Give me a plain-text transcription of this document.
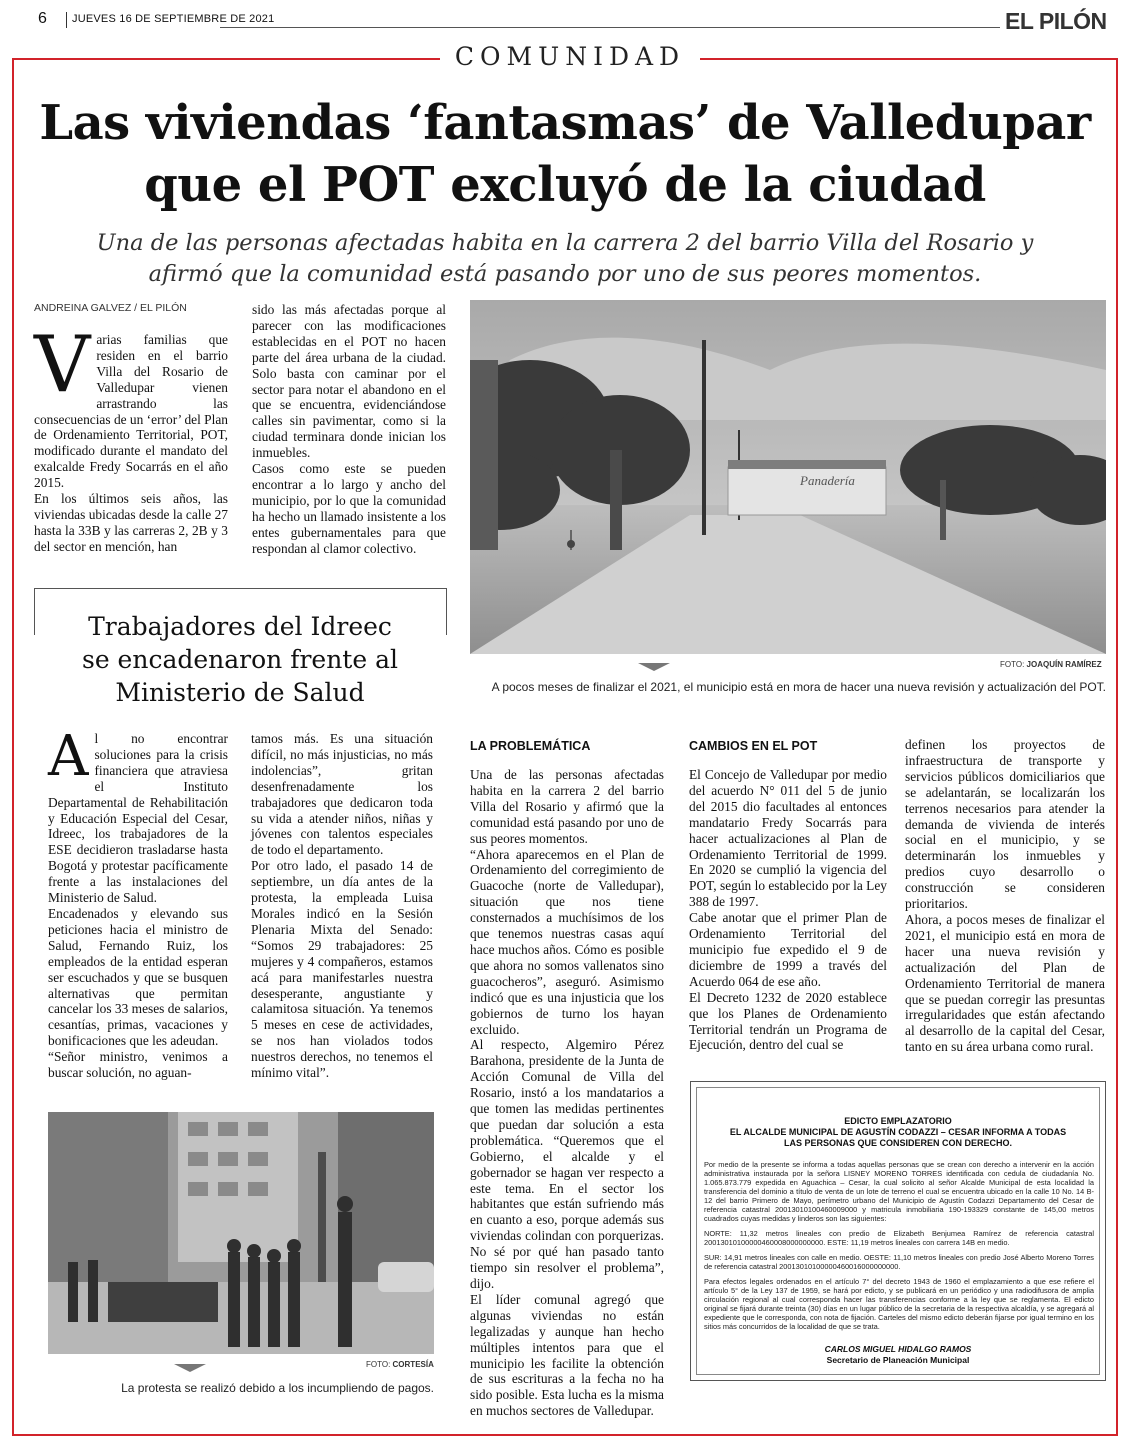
6 JUEVES 16 DE SEPTIEMBRE DE 2021	EL PILÓN
COMUNIDAD
Las viviendas ‘fantasmas’ de Valledupar
que el POT excluyó de la ciudad
Una de las personas afectadas habita en la carrera 2 del barrio Villa del Rosario y
afirmó que la comunidad está pasando por uno de sus peores momentos.
ANDREINA GALVEZ / EL PILÓN
V arias familias que residen en el barrio Villa del Rosario de Valledupar vienen arrastrando las consecuencias de un ‘error’ del Plan de Ordenamiento Territorial, POT, modificado durante el mandato del exalcalde Fredy Socarrás en el año 2015.

En los últimos seis años, las viviendas ubicadas desde la calle 27 hasta la 33B y las carreras 2, 2B y 3 del sector en mención, han

sido las más afectadas porque al parecer con las modificaciones establecidas en el POT no hacen parte del área urbana de la ciudad. Solo basta con caminar por el sector para notar el abandono en el que se encuentra, evidenciándose calles sin pavimentar, como si la ciudad terminara donde inician los inmuebles.

Casos como este se pueden encontrar a lo largo y ancho del municipio, por lo que la comunidad ha hecho un llamado insistente a los entes gubernamentales para que respondan al clamor colectivo.

Panadería
FOTO: JOAQUÍN RAMÍREZ
A pocos meses de finalizar el 2021, el municipio está en mora de hacer una nueva revisión y actualización del POT.
Trabajadores del Idreec
se encadenaron frente al
Ministerio de Salud
A l no encontrar soluciones para la crisis financiera que atraviesa el Instituto Departamental de Rehabilitación y Educación Especial del Cesar, Idreec, los trabajadores de la ESE decidieron trasladarse hasta Bogotá y protestar pacíficamente frente a las instalaciones del Ministerio de Salud.

Encadenados y elevando sus peticiones hacia el ministro de Salud, Fernando Ruiz, los empleados de la entidad esperan ser escuchados y que se busquen alternativas que permitan cancelar los 33 meses de salarios, cesantías, primas, vacaciones y bonificaciones que les adeudan.

“Señor ministro, venimos a buscar solución, no aguan-

tamos más. Es una situación difícil, no más injusticias, no más indolencias”, gritan desenfrenadamente los trabajadores que dedicaron toda su vida a atender niños, niñas y jóvenes con talentos especiales de todo el departamento.

Por otro lado, el pasado 14 de septiembre, un día antes de la protesta, la empleada Luisa Morales indicó en la Sesión Plenaria Mixta del Senado: “Somos 29 trabajadores: 25 mujeres y 4 compañeros, estamos acá para manifestarles nuestra desesperante, angustiante y calamitosa situación. Ya tenemos 5 meses en cese de actividades, se nos han violados todos nuestros derechos, no tenemos el mínimo vital”.

FOTO: CORTESÍA
La protesta se realizó debido a los incumpliendo de pagos.
LA PROBLEMÁTICA

Una de las personas afectadas habita en la carrera 2 del barrio Villa del Rosario y afirmó que la comunidad está pasando por uno de sus peores momentos.

“Ahora aparecemos en el Plan de Ordenamiento del corregimiento de Guacoche (norte de Valledupar), situación que nos tiene consternados a muchísimos de los que tenemos nuestras casas aquí hace muchos años. Cómo es posible que ahora no somos vallenatos sino guacocheros”, aseguró. Asimismo indicó que es una injusticia que los gobiernos de turno los hayan excluido.

Al respecto, Algemiro Pérez Barahona, presidente de la Junta de Acción Comunal de Villa del Rosario, instó a los mandatarios a que tomen las medidas pertinentes que puedan dar solución a esta problemática. “Queremos que el Gobierno, el alcalde y el gobernador se hagan ver respecto a este tema. En el sector los habitantes que están sufriendo más en cuanto a eso, porque además sus viviendas colindan con porquerizas. No sé por qué han pasado tanto tiempo sin resolver el problema”, dijo.

El líder comunal agregó que algunas viviendas no están legalizadas y aunque han hecho múltiples intentos para que el municipio les facilite la obtención de sus escrituras a la fecha no ha sido posible. Esta lucha es la misma en muchos sectores de Valledupar.

CAMBIOS EN EL POT

El Concejo de Valledupar por medio del acuerdo N° 011 del 5 de junio del 2015 dio facultades al entonces mandatario Fredy Socarrás para hacer actualizaciones al Plan de Ordenamiento Territorial de 1999. En 2020 se cumplió la vigencia del POT, según lo establecido por la Ley 388 de 1997.

Cabe anotar que el primer Plan de Ordenamiento Territorial del municipio fue expedido el 9 de diciembre de 1999 a través del Acuerdo 064 de ese año.

El Decreto 1232 de 2020 establece que los Planes de Ordenamiento Territorial tendrán un Programa de Ejecución, dentro del cual se

definen los proyectos de infraestructura de transporte y servicios públicos domiciliarios que se adelantarán, se localizarán los terrenos necesarios para atender la demanda de vivienda de interés social en el municipio, y se determinarán los inmuebles y predios cuyo desarrollo o construcción se consideren prioritarios.

Ahora, a pocos meses de finalizar el 2021, el municipio está en mora de hacer una nueva revisión y actualización del Plan de Ordenamiento Territorial de manera que se puedan corregir las presuntas irregularidades que están afectando al desarrollo de la capital del Cesar, tanto en su área urbana como rural.

EDICTO EMPLAZATORIO
EL ALCALDE MUNICIPAL DE AGUSTÍN CODAZZI – CESAR INFORMA A TODAS
LAS PERSONAS QUE CONSIDEREN CON DERECHO.

Por medio de la presente se informa a todas aquellas personas que se crean con derecho a intervenir en la acción administrativa instaurada por la señora LISNEY MORENO TORRES identificada con cedula de ciudadanía No. 1.065.873.779 expedida en Aguachica – Cesar, la cual solicito al señor Alcalde Municipal de esta localidad la transferencia del dominio a título de venta de un lote de terreno el cual se encuentra ubicado en la calle 10 No. 14 B-12 del barrio Primero de Mayo, perímetro urbano del Municipio de Agustín Codazzi Departamento del Cesar de referencia catastral 20013010100460009000 y matricula inmobiliaria 190-193329 constante de 145,00 metros cuadrados cuyas medidas y linderos son las siguientes:

NORTE: 11,32 metros lineales con predio de Elizabeth Benjumea Ramírez de referencia catastral 20013010100000460008000000000. ESTE: 11,19 metros lineales con carrera 14B en medio.

SUR: 14,91 metros lineales con calle en medio. OESTE: 11,10 metros lineales con predio José Alberto Moreno Torres de referencia catastral 20013010100000460016000000000.

Para efectos legales ordenados en el artículo 7° del decreto 1943 de 1960 el emplazamiento a que ese refiere el artículo 5° de la Ley 137 de 1959, se hará por edicto, y se publicará en un periódico y una radiodifusora de amplia circulación regional al cual corresponda hacer las transferencias conforme a la ley que se reglamenta. El edicto original se fijará durante treinta (30) días en un lugar público de la secretaria de la respectiva alcaldía, y se agregará al expediente que le corresponda, con nota de fijación. Carteles del mismo edicto deberán fijarse por igual termino en los sitios más concurridos de la localidad de que se trata.

CARLOS MIGUEL HIDALGO RAMOS
Secretario de Planeación Municipal
